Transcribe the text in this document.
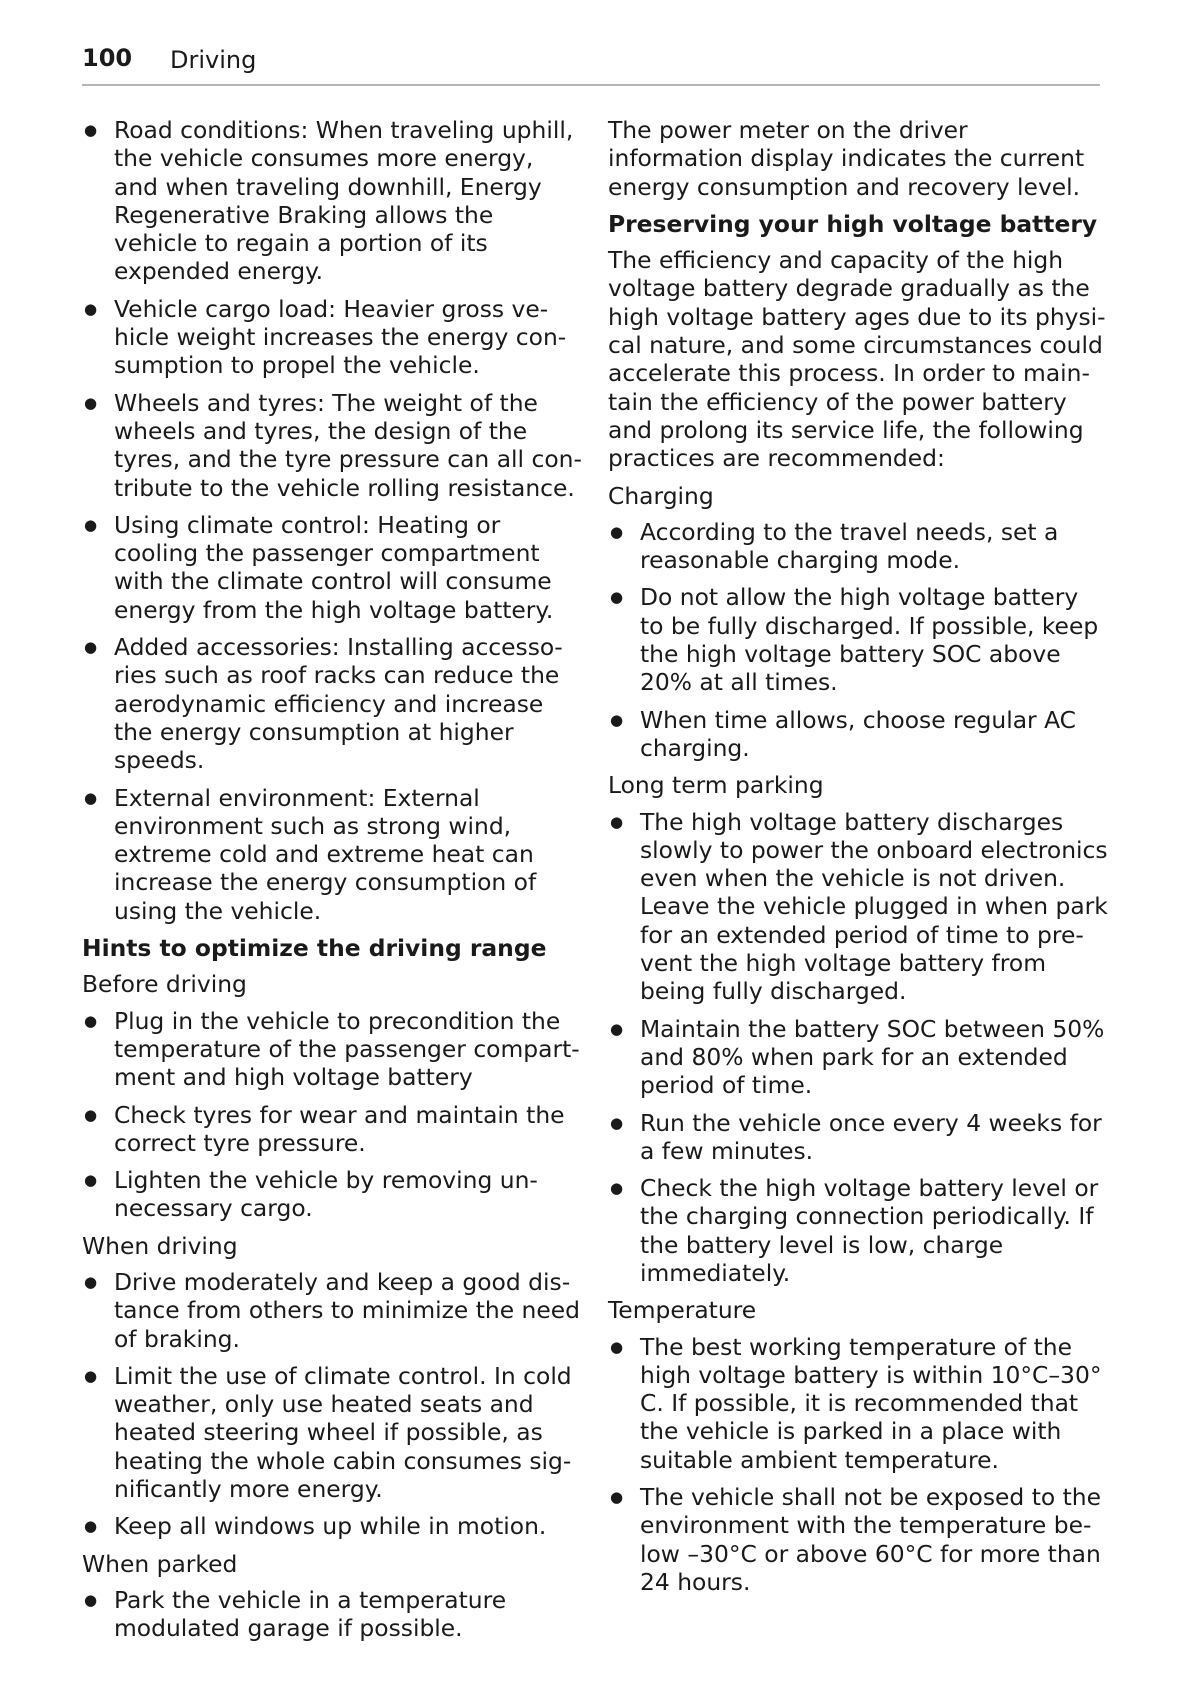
100 Driving
● Road conditions: When traveling uphill, the vehicle consumes more energy, and when traveling downhill, Energy Regenerative Braking allows the vehicle to regain a portion of its expended energy.
● Vehicle cargo load: Heavier gross vehicle weight increases the energy consumption to propel the vehicle.
● Wheels and tyres: The weight of the wheels and tyres, the design of the tyres, and the tyre pressure can all contribute to the vehicle rolling resistance.
● Using climate control: Heating or cooling the passenger compartment with the climate control will consume energy from the high voltage battery.
● Added accessories: Installing accessories such as roof racks can reduce the aerodynamic efficiency and increase the energy consumption at higher speeds.
● External environment: External environment such as strong wind, extreme cold and extreme heat can increase the energy consumption of using the vehicle.
Hints to optimize the driving range

Before driving

● Plug in the vehicle to precondition the temperature of the passenger compartment and high voltage battery
● Check tyres for wear and maintain the correct tyre pressure.
● Lighten the vehicle by removing unnecessary cargo.

When driving

● Drive moderately and keep a good distance from others to minimize the need of braking.
● Limit the use of climate control. In cold weather, only use heated seats and heated steering wheel if possible, as heating the whole cabin consumes significantly more energy.
● Keep all windows up while in motion.

When parked

● Park the vehicle in a temperature modulated garage if possible.

The power meter on the driver information display indicates the current energy consumption and recovery level.

Preserving your high voltage battery

The efficiency and capacity of the high voltage battery degrade gradually as the high voltage battery ages due to its physical nature, and some circumstances could accelerate this process. In order to maintain the efficiency of the power battery and prolong its service life, the following practices are recommended:

Charging

● According to the travel needs, set a reasonable charging mode.
● Do not allow the high voltage battery to be fully discharged. If possible, keep the high voltage battery SOC above 20% at all times.
● When time allows, choose regular AC charging.

Long term parking

● The high voltage battery discharges slowly to power the onboard electronics even when the vehicle is not driven. Leave the vehicle plugged in when park for an extended period of time to prevent the high voltage battery from being fully discharged.
● Maintain the battery SOC between 50% and 80% when park for an extended period of time.
● Run the vehicle once every 4 weeks for a few minutes.
● Check the high voltage battery level or the charging connection periodically. If the battery level is low, charge immediately.

Temperature

● The best working temperature of the high voltage battery is within 10°C–30° C. If possible, it is recommended that the vehicle is parked in a place with suitable ambient temperature.
● The vehicle shall not be exposed to the environment with the temperature below –30°C or above 60°C for more than 24 hours.
